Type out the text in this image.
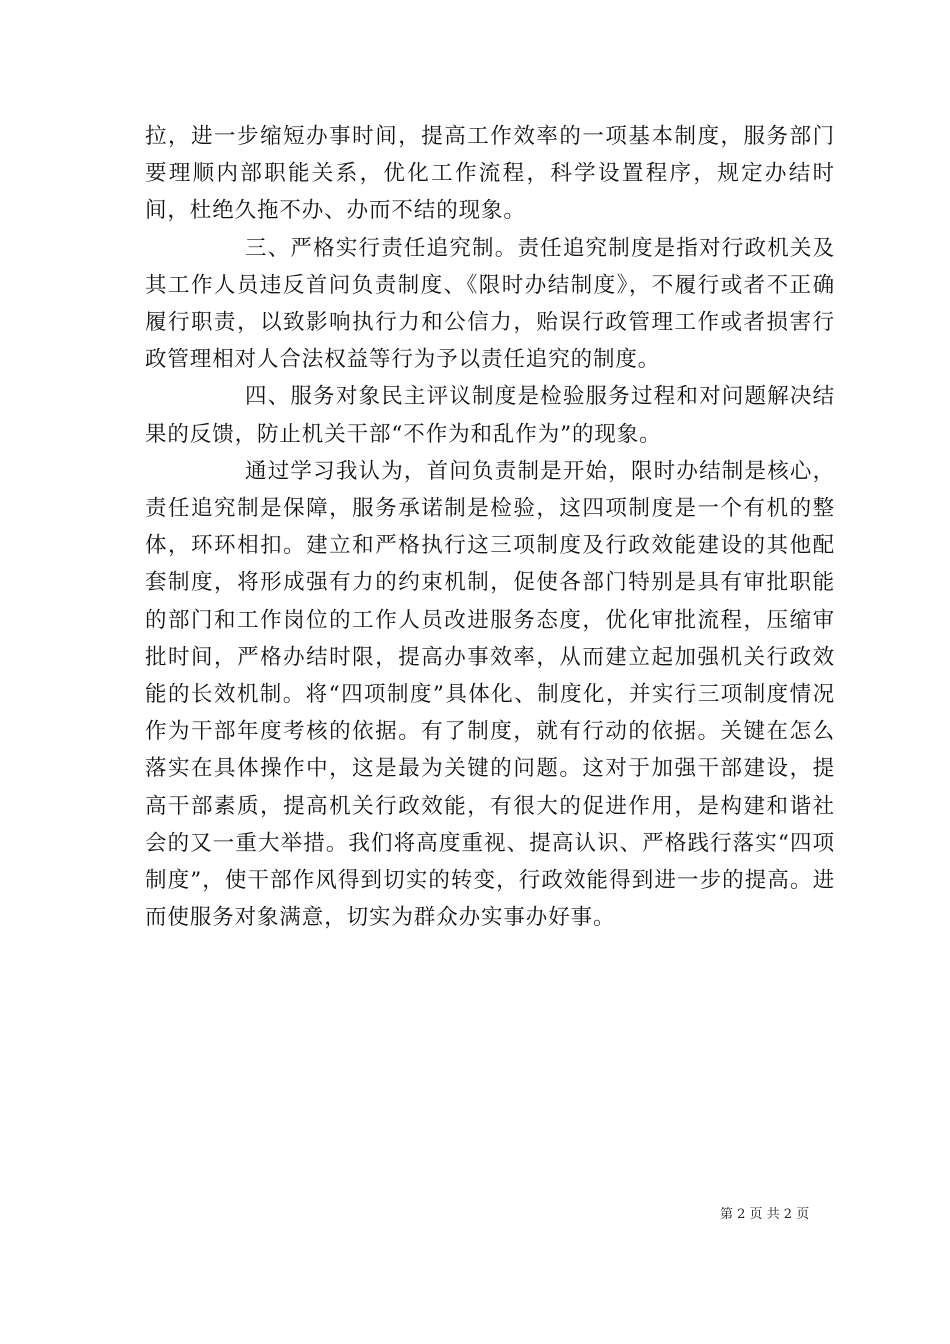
拉，进一步缩短办事时间，提高工作效率的一项基本制度，服务部门要理顺内部职能关系，优化工作流程，科学设置程序，规定办结时间，杜绝久拖不办、办而不结的现象。

三、严格实行责任追究制。责任追究制度是指对行政机关及其工作人员违反首问负责制度、《限时办结制度》，不履行或者不正确履行职责，以致影响执行力和公信力，贻误行政管理工作或者损害行政管理相对人合法权益等行为予以责任追究的制度。

四、服务对象民主评议制度是检验服务过程和对问题解决结果的反馈，防止机关干部“不作为和乱作为”的现象。

通过学习我认为，首问负责制是开始，限时办结制是核心，责任追究制是保障，服务承诺制是检验，这四项制度是一个有机的整体，环环相扣。建立和严格执行这三项制度及行政效能建设的其他配套制度，将形成强有力的约束机制，促使各部门特别是具有审批职能的部门和工作岗位的工作人员改进服务态度，优化审批流程，压缩审批时间，严格办结时限，提高办事效率，从而建立起加强机关行政效能的长效机制。将“四项制度”具体化、制度化，并实行三项制度情况作为干部年度考核的依据。有了制度，就有行动的依据。关键在怎么落实在具体操作中，这是最为关键的问题。这对于加强干部建设，提高干部素质，提高机关行政效能，有很大的促进作用，是构建和谐社会的又一重大举措。我们将高度重视、提高认识、严格践行落实“四项制度”，使干部作风得到切实的转变，行政效能得到进一步的提高。进而使服务对象满意，切实为群众办实事办好事。

第 2 页 共 2 页
